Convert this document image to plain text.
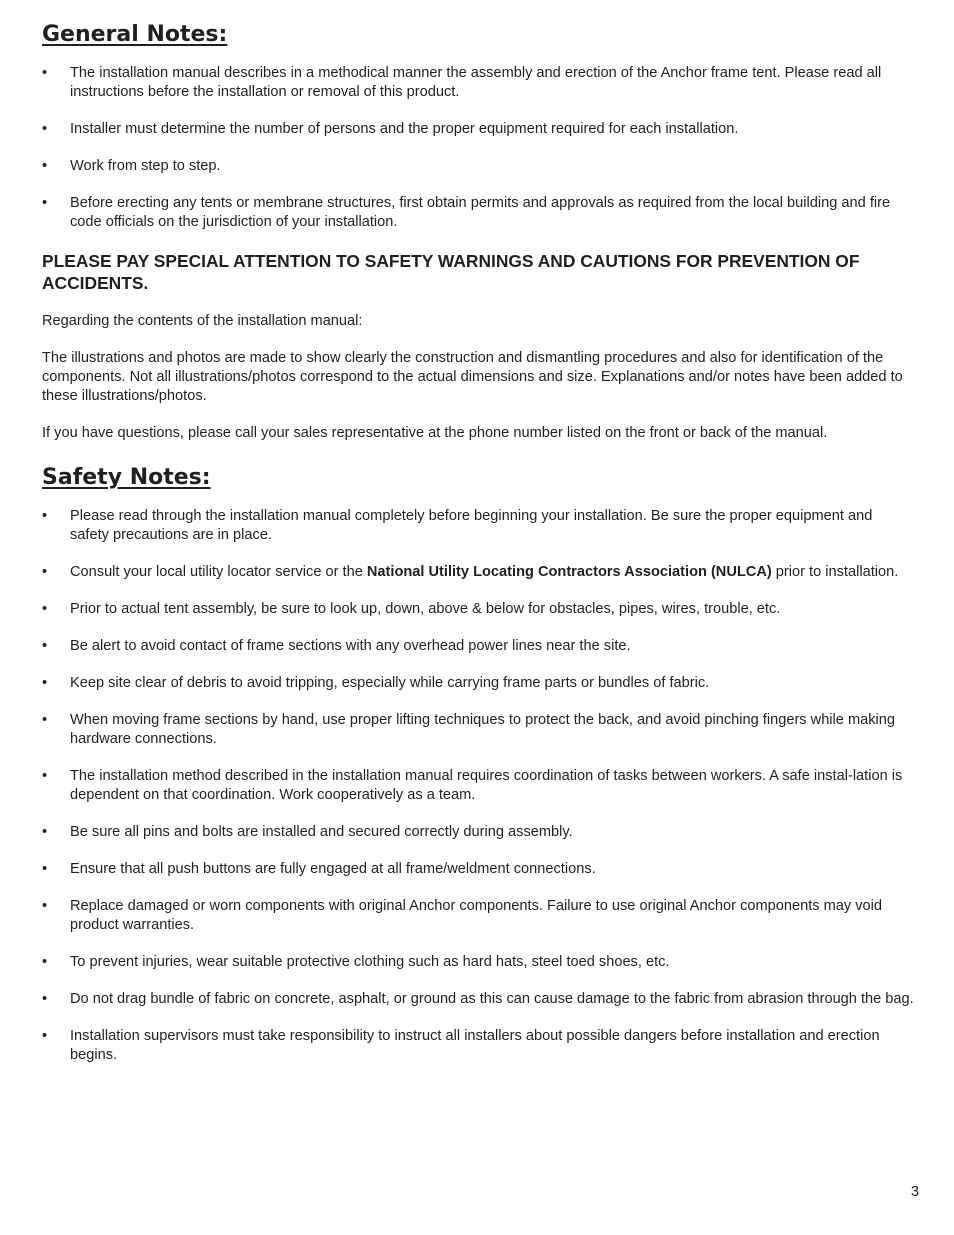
General Notes:
•	The installation manual describes in a methodical manner the assembly and erection of the Anchor frame tent. Please read all instructions before the installation or removal of this product.
•	Installer must determine the number of persons and the proper equipment required for each installation.
•	Work from step to step.
•	Before erecting any tents or membrane structures, first obtain permits and approvals as required from the local building and fire code officials on the jurisdiction of your installation.
PLEASE PAY SPECIAL ATTENTION TO SAFETY WARNINGS AND CAUTIONS FOR PREVENTION OF ACCIDENTS.

Regarding the contents of the installation manual:

The illustrations and photos are made to show clearly the construction and dismantling procedures and also for identification of the components. Not all illustrations/photos correspond to the actual dimensions and size. Explanations and/or notes have been added to these illustrations/photos.

If you have questions, please call your sales representative at the phone number listed on the front or back of the manual.

Safety Notes:
•	Please read through the installation manual completely before beginning your installation. Be sure the proper equipment and safety precautions are in place.
•	Consult your local utility locator service or the National Utility Locating Contractors Association (NULCA) prior to installation.
•	Prior to actual tent assembly, be sure to look up, down, above & below for obstacles, pipes, wires, trouble, etc.
•	Be alert to avoid contact of frame sections with any overhead power lines near the site.
•	Keep site clear of debris to avoid tripping, especially while carrying frame parts or bundles of fabric.
•	When moving frame sections by hand, use proper lifting techniques to protect the back, and avoid pinching fingers while making hardware connections.
•	The installation method described in the installation manual requires coordination of tasks between workers. A safe instal-lation is dependent on that coordination. Work cooperatively as a team.
•	Be sure all pins and bolts are installed and secured correctly during assembly.
•	Ensure that all push buttons are fully engaged at all frame/weldment connections.
•	Replace damaged or worn components with original Anchor components. Failure to use original Anchor components may void product warranties.
•	To prevent injuries, wear suitable protective clothing such as hard hats, steel toed shoes, etc.
•	Do not drag bundle of fabric on concrete, asphalt, or ground as this can cause damage to the fabric from abrasion through the bag.
•	Installation supervisors must take responsibility to instruct all installers about possible dangers before installation and erection begins.
3
